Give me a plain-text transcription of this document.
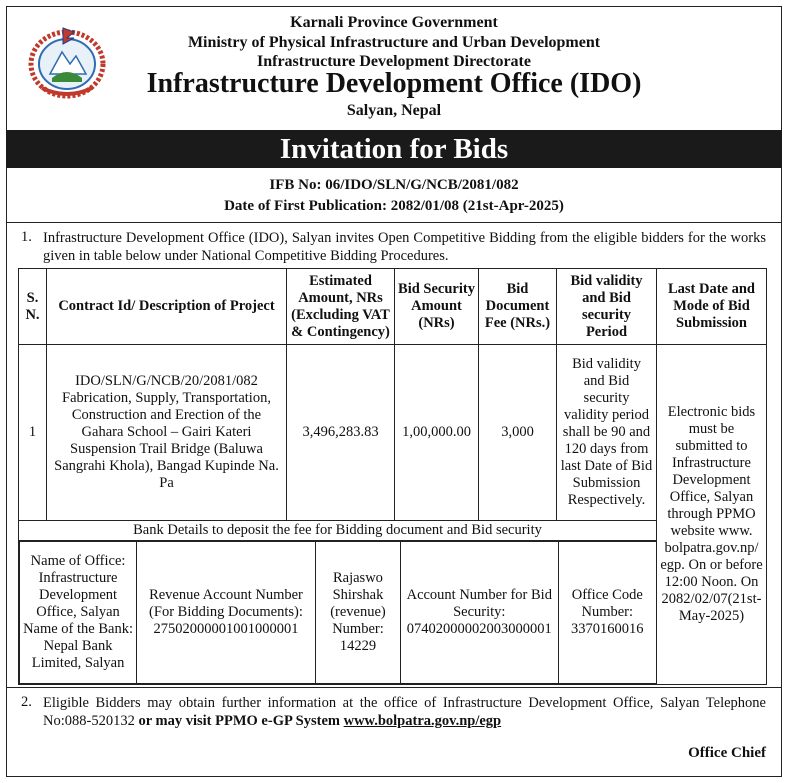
Karnali Province Government
Ministry of Physical Infrastructure and Urban Development
Infrastructure Development Directorate
Infrastructure Development Office (IDO)
Salyan, Nepal
Invitation for Bids
IFB No: 06/IDO/SLN/G/NCB/2081/082
Date of First Publication: 2082/01/08 (21st-Apr-2025)
1. Infrastructure Development Office (IDO), Salyan invites Open Competitive Bidding from the eligible bidders for the works given in table below under National Competitive Bidding Procedures.
S. N.	Contract Id/ Description of Project	Estimated Amount, NRs (Excluding VAT & Contingency)	Bid Security Amount (NRs)	Bid Document Fee (NRs.)	Bid validity and Bid security Period	Last Date and Mode of Bid Submission
1	IDO/SLN/G/NCB/20/2081/082 Fabrication, Supply, Transportation, Construction and Erection of the Gahara School – Gairi Kateri Suspension Trail Bridge (Baluwa Sangrahi Khola), Bangad Kupinde Na. Pa	3,496,283.83	1,00,000.00	3,000	Bid validity and Bid security validity period shall be 90 and 120 days from last Date of Bid Submission Respectively.	Electronic bids must be submitted to Infrastructure Development Office, Salyan through PPMO website www. bolpatra.gov.np/ egp. On or before 12:00 Noon. On 2082/02/07(21st-May-2025)
Bank Details to deposit the fee for Bidding document and Bid security

Name of Office: Infrastructure Development Office, Salyan Name of the Bank: Nepal Bank Limited, Salyan	Revenue Account Number (For Bidding Documents): 27502000001001000001	Rajaswo Shirshak (revenue) Number: 14229	Account Number for Bid Security: 07402000002003000001	Office Code Number: 3370160016
2. Eligible Bidders may obtain further information at the office of Infrastructure Development Office, Salyan Telephone No:088-520132 or may visit PPMO e-GP System www.bolpatra.gov.np/egp
Office Chief
